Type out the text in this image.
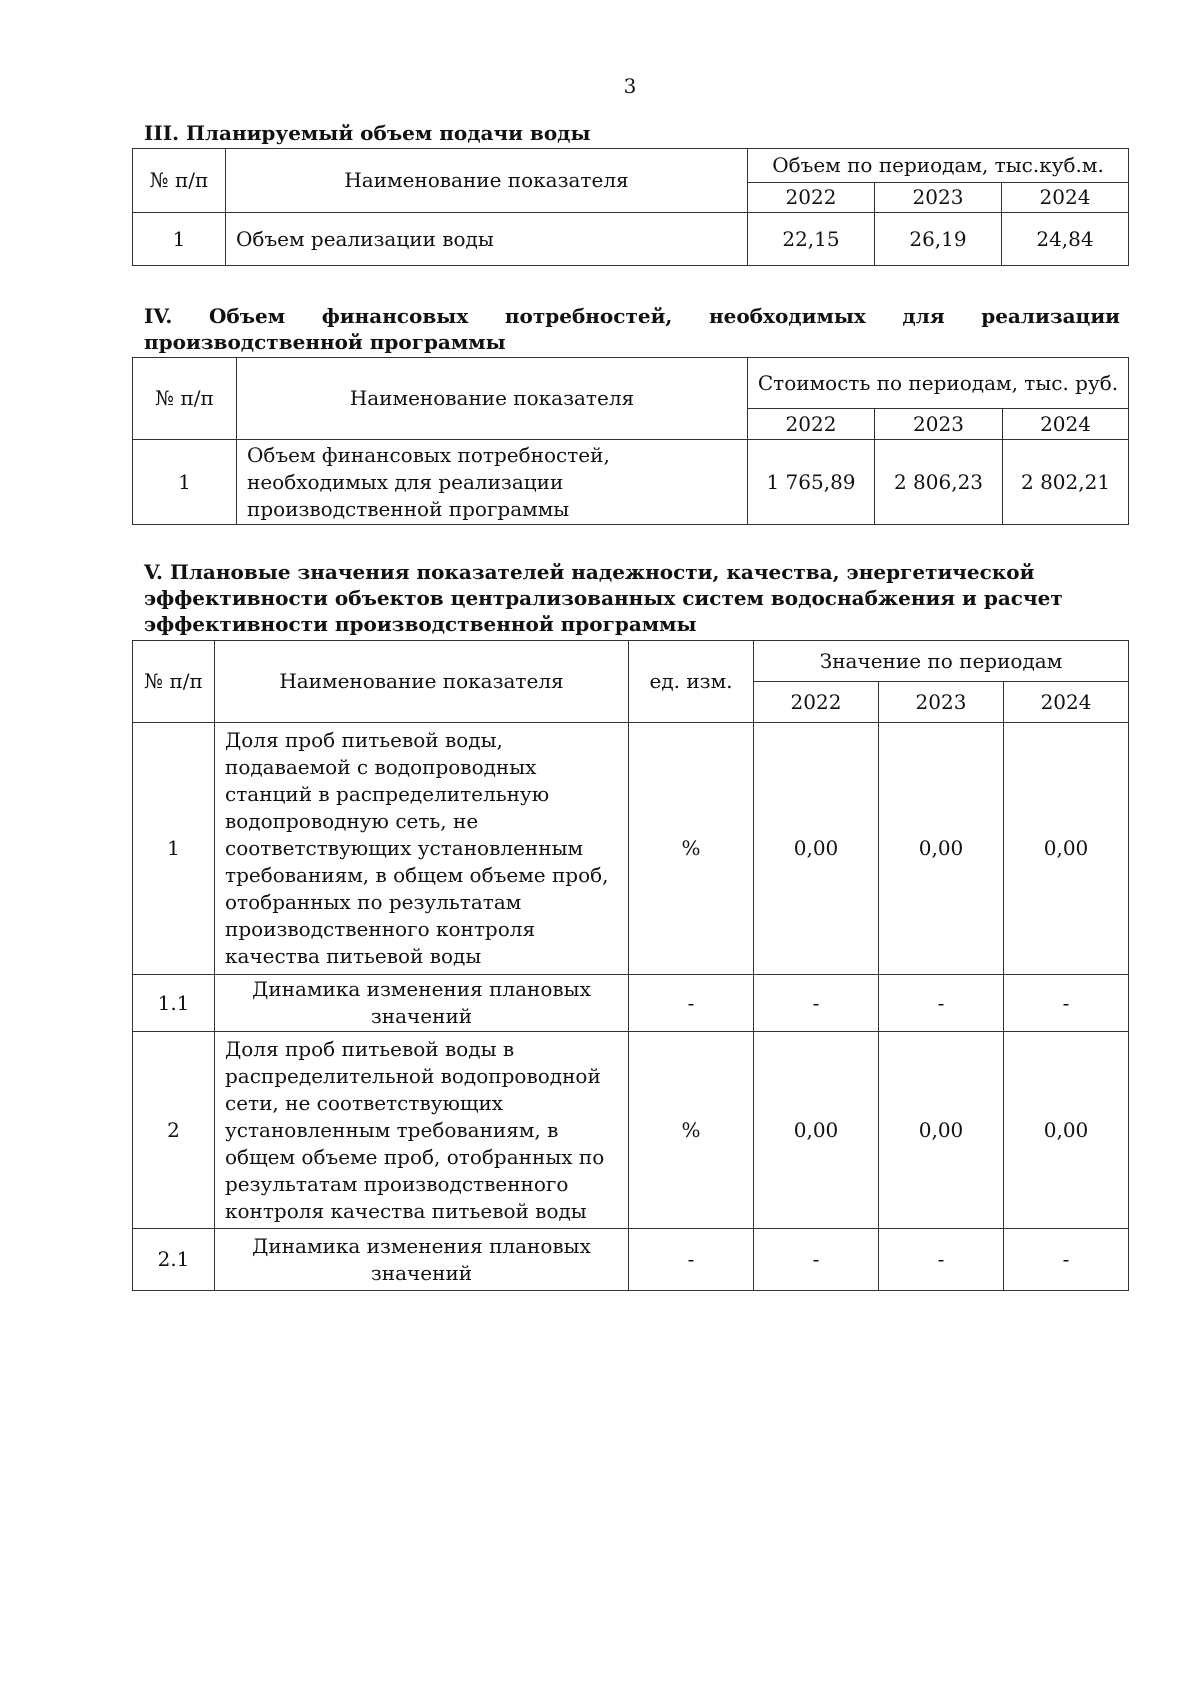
3
III. Планируемый объем подачи воды
№ п/п	Наименование показателя	Объем по периодам, тыс.куб.м.		
		2022	2023	2024
1	Объем реализации воды	22,15	26,19	24,84
IV. Объем финансовых потребностей, необходимых для реализации производственной программы
№ п/п	Наименование показателя	Стоимость по периодам, тыс. руб.		
		2022	2023	2024
1	Объем финансовых потребностей, необходимых для реализации производственной программы	1 765,89	2 806,23	2 802,21
V. Плановые значения показателей надежности, качества, энергетической эффективности объектов централизованных систем водоснабжения и расчет эффективности производственной программы
№ п/п	Наименование показателя	ед. изм.	Значение по периодам		
			2022	2023	2024
1	Доля проб питьевой воды, подаваемой с водопроводных станций в распределительную водопроводную сеть, не соответствующих установленным требованиям, в общем объеме проб, отобранных по результатам производственного контроля качества питьевой воды	%	0,00	0,00	0,00
1.1	Динамика изменения плановых значений	-	-	-	-
2	Доля проб питьевой воды в распределительной водопроводной сети, не соответствующих установленным требованиям, в общем объеме проб, отобранных по результатам производственного контроля качества питьевой воды	%	0,00	0,00	0,00
2.1	Динамика изменения плановых значений	-	-	-	-
